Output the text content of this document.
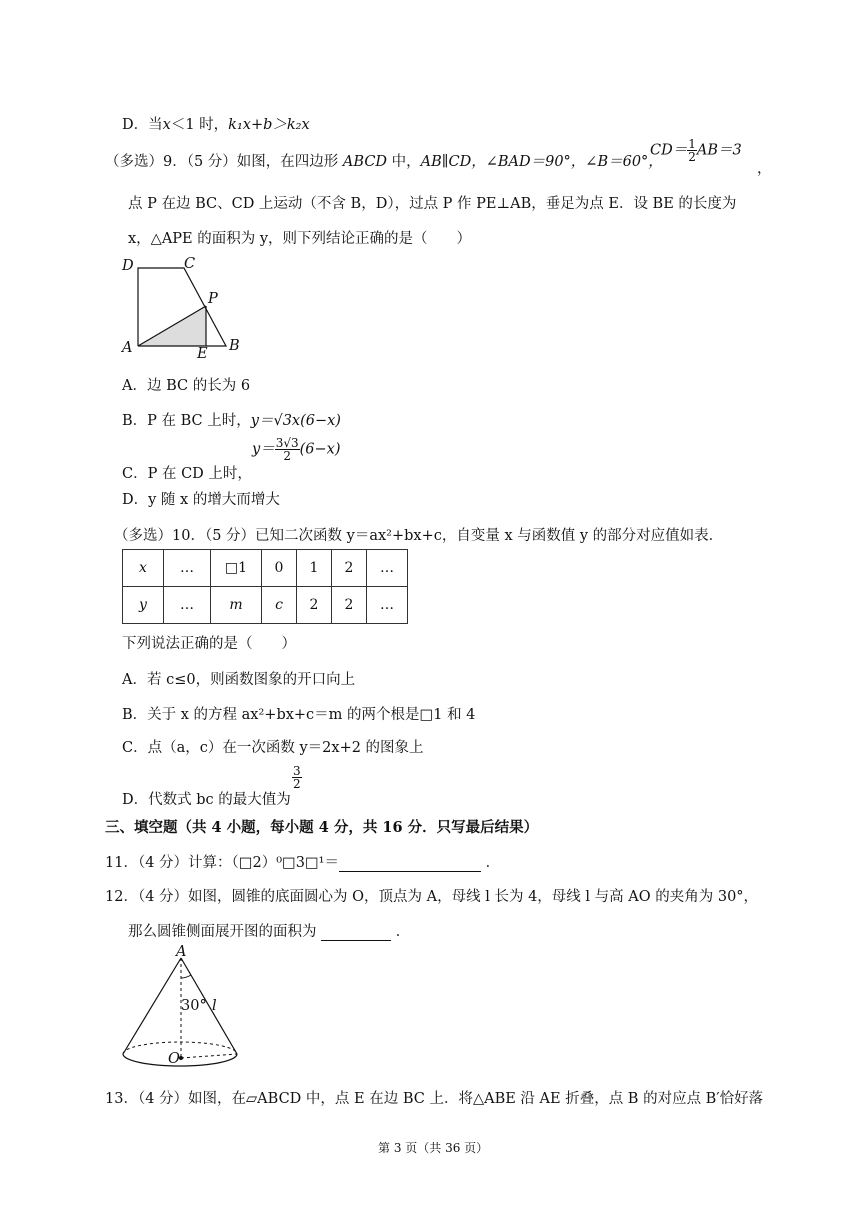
D．当x＜1 时，k₁x+b＞k₂x
（多选）9．（5 分）如图，在四边形 ABCD 中，AB∥CD，∠BAD＝90°，∠B＝60°，
$CD= \frac{1}{2} AB=3$
，
点 P 在边 BC、CD 上运动（不含 B，D），过点 P 作 PE⊥AB，垂足为点 E．设 BE 的长度为
x，△APE 的面积为 y，则下列结论正确的是（　　）
D	C
P
A	E B
A．边 BC 的长为 6
B．P 在 BC 上时，y＝√3x(6−x)
C．P 在 CD 上时，
$y= \frac{3√3}{2} (6-x)$
D．y 随 x 的增大而增大
（多选）10．（5 分）已知二次函数 y＝ax²+bx+c，自变量 x 与函数值 y 的部分对应值如表．
x	…	□1	0	1	2	…
y	…	m	c	2	2	…
下列说法正确的是（　　）
A．若 c≤0，则函数图象的开口向上
B．关于 x 的方程 ax²+bx+c＝m 的两个根是□1 和 4
C．点（a，c）在一次函数 y＝2x+2 的图象上
D．代数式 bc 的最大值为
$\frac{3}{2}$
三、填空题（共 4 小题，每小题 4 分，共 16 分．只写最后结果）
11．（4 分）计算：（□2）⁰□3□¹＝	．
12．（4 分）如图，圆锥的底面圆心为 O，顶点为 A，母线 l 长为 4，母线 l 与高 AO 的夹角为 30°，
那么圆锥侧面展开图的面积为	．
A
30° l
O
13．（4 分）如图，在▱ABCD 中，点 E 在边 BC 上．将△ABE 沿 AE 折叠，点 B 的对应点 B′恰好落
第 3 页（共 36 页）
